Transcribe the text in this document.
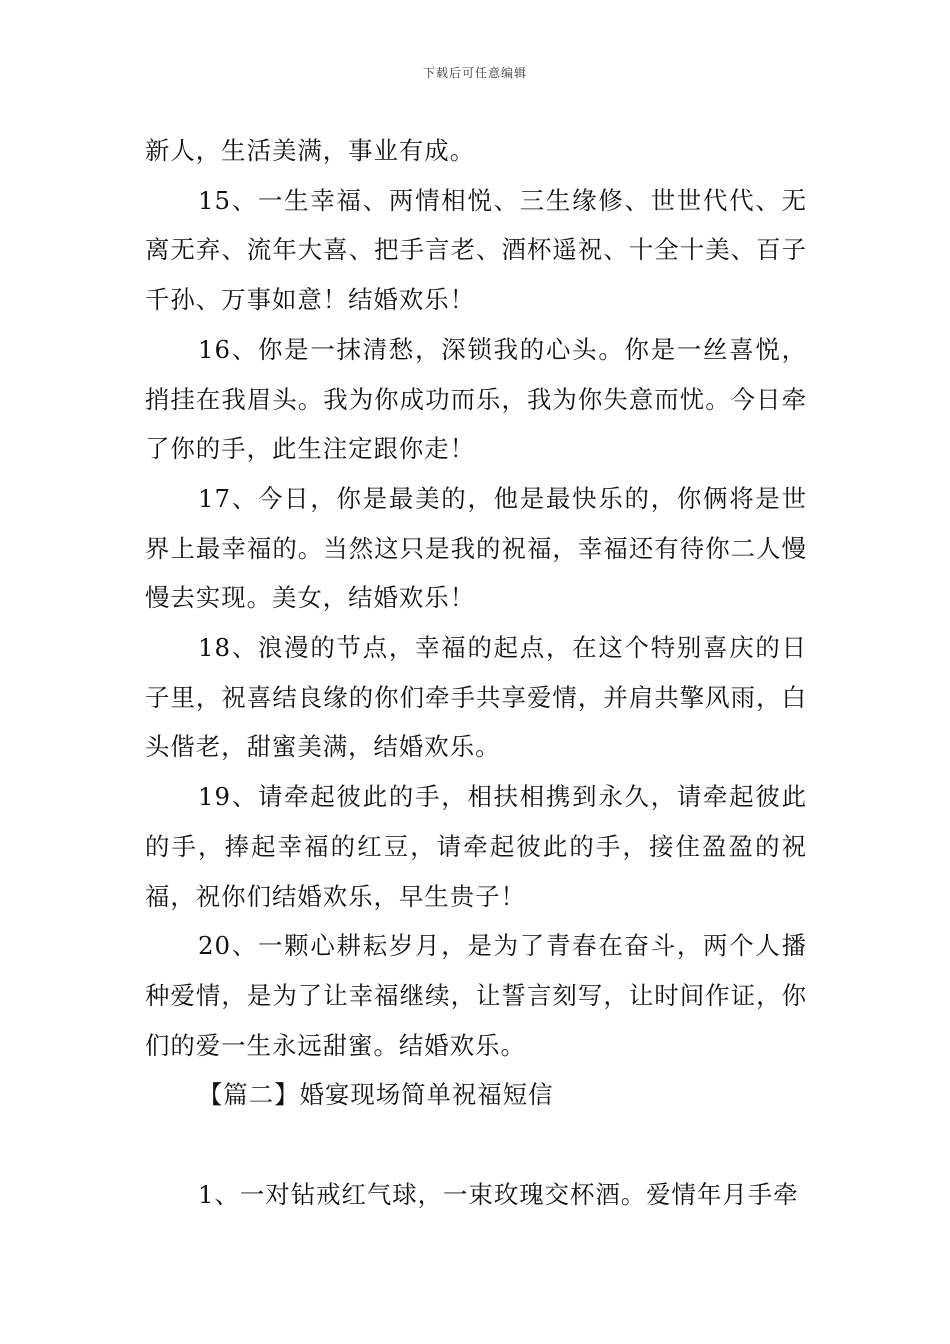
下载后可任意编辑

新人，生活美满，事业有成。

15、一生幸福、两情相悦、三生缘修、世世代代、无离无弃、流年大喜、把手言老、酒杯遥祝、十全十美、百子千孙、万事如意！结婚欢乐！

16、你是一抹清愁，深锁我的心头。你是一丝喜悦，捎挂在我眉头。我为你成功而乐，我为你失意而忧。今日牵了你的手，此生注定跟你走！

17、今日，你是最美的，他是最快乐的，你俩将是世界上最幸福的。当然这只是我的祝福，幸福还有待你二人慢慢去实现。美女，结婚欢乐！

18、浪漫的节点，幸福的起点，在这个特别喜庆的日子里，祝喜结良缘的你们牵手共享爱情，并肩共擎风雨，白头偕老，甜蜜美满，结婚欢乐。

19、请牵起彼此的手，相扶相携到永久，请牵起彼此的手，捧起幸福的红豆，请牵起彼此的手，接住盈盈的祝福，祝你们结婚欢乐，早生贵子！

20、一颗心耕耘岁月，是为了青春在奋斗，两个人播种爱情，是为了让幸福继续，让誓言刻写，让时间作证，你们的爱一生永远甜蜜。结婚欢乐。

【篇二】婚宴现场简单祝福短信

1、一对钻戒红气球，一束玫瑰交杯酒。爱情年月手牵
